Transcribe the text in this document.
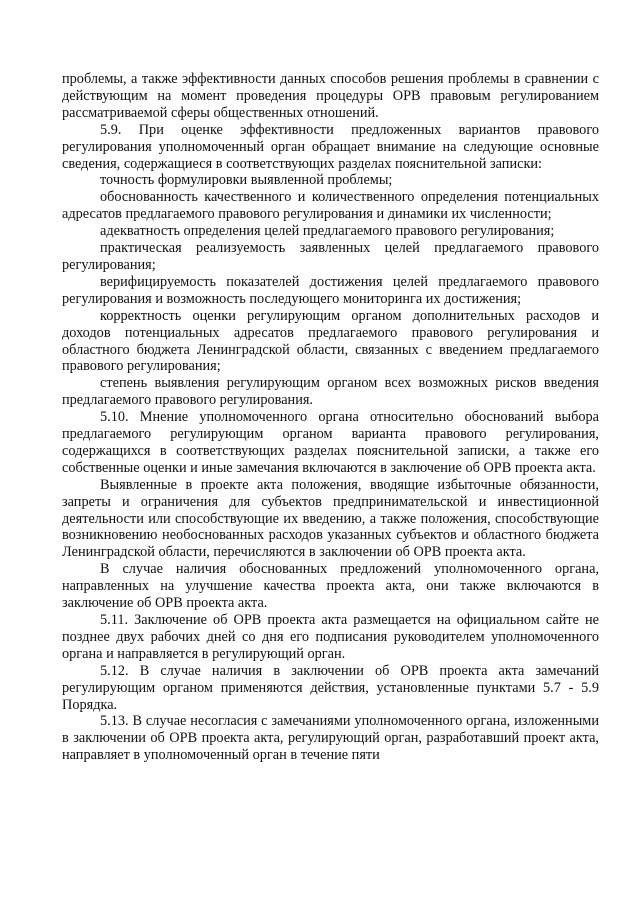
проблемы, а также эффективности данных способов решения проблемы в сравнении с действующим на момент проведения процедуры ОРВ правовым регулированием рассматриваемой сферы общественных отношений.

5.9. При оценке эффективности предложенных вариантов правового регулирования уполномоченный орган обращает внимание на следующие основные сведения, содержащиеся в соответствующих разделах пояснительной записки:

точность формулировки выявленной проблемы;

обоснованность качественного и количественного определения потенциальных адресатов предлагаемого правового регулирования и динамики их численности;

адекватность определения целей предлагаемого правового регулирования;

практическая реализуемость заявленных целей предлагаемого правового регулирования;

верифицируемость показателей достижения целей предлагаемого правового регулирования и возможность последующего мониторинга их достижения;

корректность оценки регулирующим органом дополнительных расходов и доходов потенциальных адресатов предлагаемого правового регулирования и областного бюджета Ленинградской области, связанных с введением предлагаемого правового регулирования;

степень выявления регулирующим органом всех возможных рисков введения предлагаемого правового регулирования.

5.10. Мнение уполномоченного органа относительно обоснований выбора предлагаемого регулирующим органом варианта правового регулирования, содержащихся в соответствующих разделах пояснительной записки, а также его собственные оценки и иные замечания включаются в заключение об ОРВ проекта акта.

Выявленные в проекте акта положения, вводящие избыточные обязанности, запреты и ограничения для субъектов предпринимательской и инвестиционной деятельности или способствующие их введению, а также положения, способствующие возникновению необоснованных расходов указанных субъектов и областного бюджета Ленинградской области, перечисляются в заключении об ОРВ проекта акта.

В случае наличия обоснованных предложений уполномоченного органа, направленных на улучшение качества проекта акта, они также включаются в заключение об ОРВ проекта акта.

5.11. Заключение об ОРВ проекта акта размещается на официальном сайте не позднее двух рабочих дней со дня его подписания руководителем уполномоченного органа и направляется в регулирующий орган.

5.12. В случае наличия в заключении об ОРВ проекта акта замечаний регулирующим органом применяются действия, установленные пунктами 5.7 - 5.9 Порядка.

5.13. В случае несогласия с замечаниями уполномоченного органа, изложенными в заключении об ОРВ проекта акта, регулирующий орган, разработавший проект акта, направляет в уполномоченный орган в течение пяти
